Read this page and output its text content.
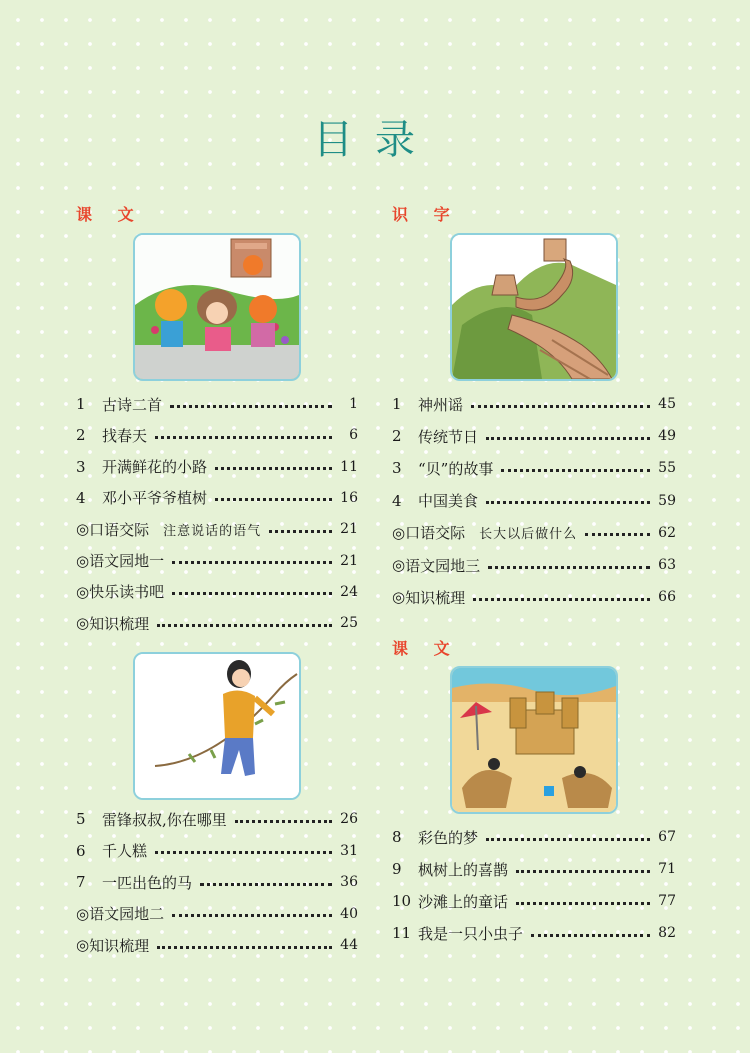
目录
课 文	识 字
课 文
1	古诗二首	1
2	找春天	6
3	开满鲜花的小路	11
4	邓小平爷爷植树	16
◎ 口语交际 注意说话的语气	21
◎ 语文园地一	21
◎ 快乐读书吧	24
◎ 知识梳理	25
5	雷锋叔叔,你在哪里	26
6	千人糕	31
7	一匹出色的马	36
◎ 语文园地二	40
◎ 知识梳理	44
1	神州谣	45
2	传统节日	49
3	“贝”的故事	55
4	中国美食	59
◎ 口语交际 长大以后做什么	62
◎ 语文园地三	63
◎ 知识梳理	66
8	彩色的梦	67
9	枫树上的喜鹊	71
10 沙滩上的童话	77
11 我是一只小虫子	82
